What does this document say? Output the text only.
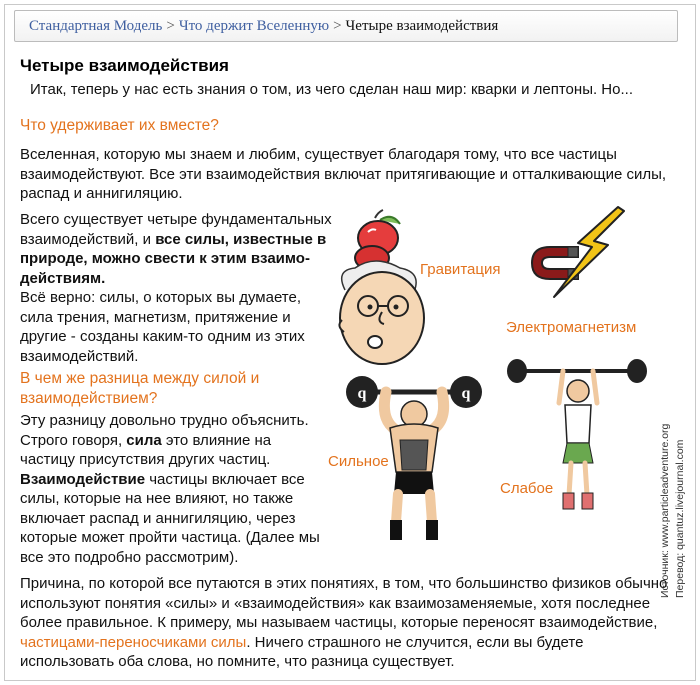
Стандартная Модель > Что держит Вселенную > Четыре взаимодействия
Четыре взаимодействия
Итак, теперь у нас есть знания о том, из чего сделан наш мир: кварки и лептоны. Но...
Что удерживает их вместе?
Вселенная, которую мы знаем и любим, существует благодаря тому, что все частицы взаимодействуют. Все эти взаимодействия включат притягивающие и отталкивающие силы, распад и аннигиляцию.
Всего существует четыре фундаментальных взаимодействий, и все силы, известные в природе, можно свести к этим взаимо-действиям.
Всё верно: силы, о которых вы думаете, сила трения, магнетизм, притяжение и другие - созданы каким-то одним из этих взаимодействий.
В чем же разница между силой и взаимодействием?
Эту разницу довольно трудно объяснить. Строго говоря, сила это влияние на частицу присутствия других частиц. Взаимодействие частицы включает все силы, которые на нее влияют, но также включает распад и аннигиляцию, через которые может пройти частица. (Далее мы все это подробно рассмотрим).
Причина, по которой все путаются в этих понятиях, в том, что большинство физиков обычно используют понятия «силы» и «взаимодействия» как взаимозаменяемые, хотя последнее более правильное. К примеру, мы называем частицы, которые переносят взаимодействие, частицами-переносчиками силы. Ничего страшного не случится, если вы будете использовать оба слова, но помните, что разница существует.
Источник: www.particleadventure.org Перевод: quantuz.livejournal.com
Гравитация
Электромагнетизм
Сильное
Слабое
q	q
